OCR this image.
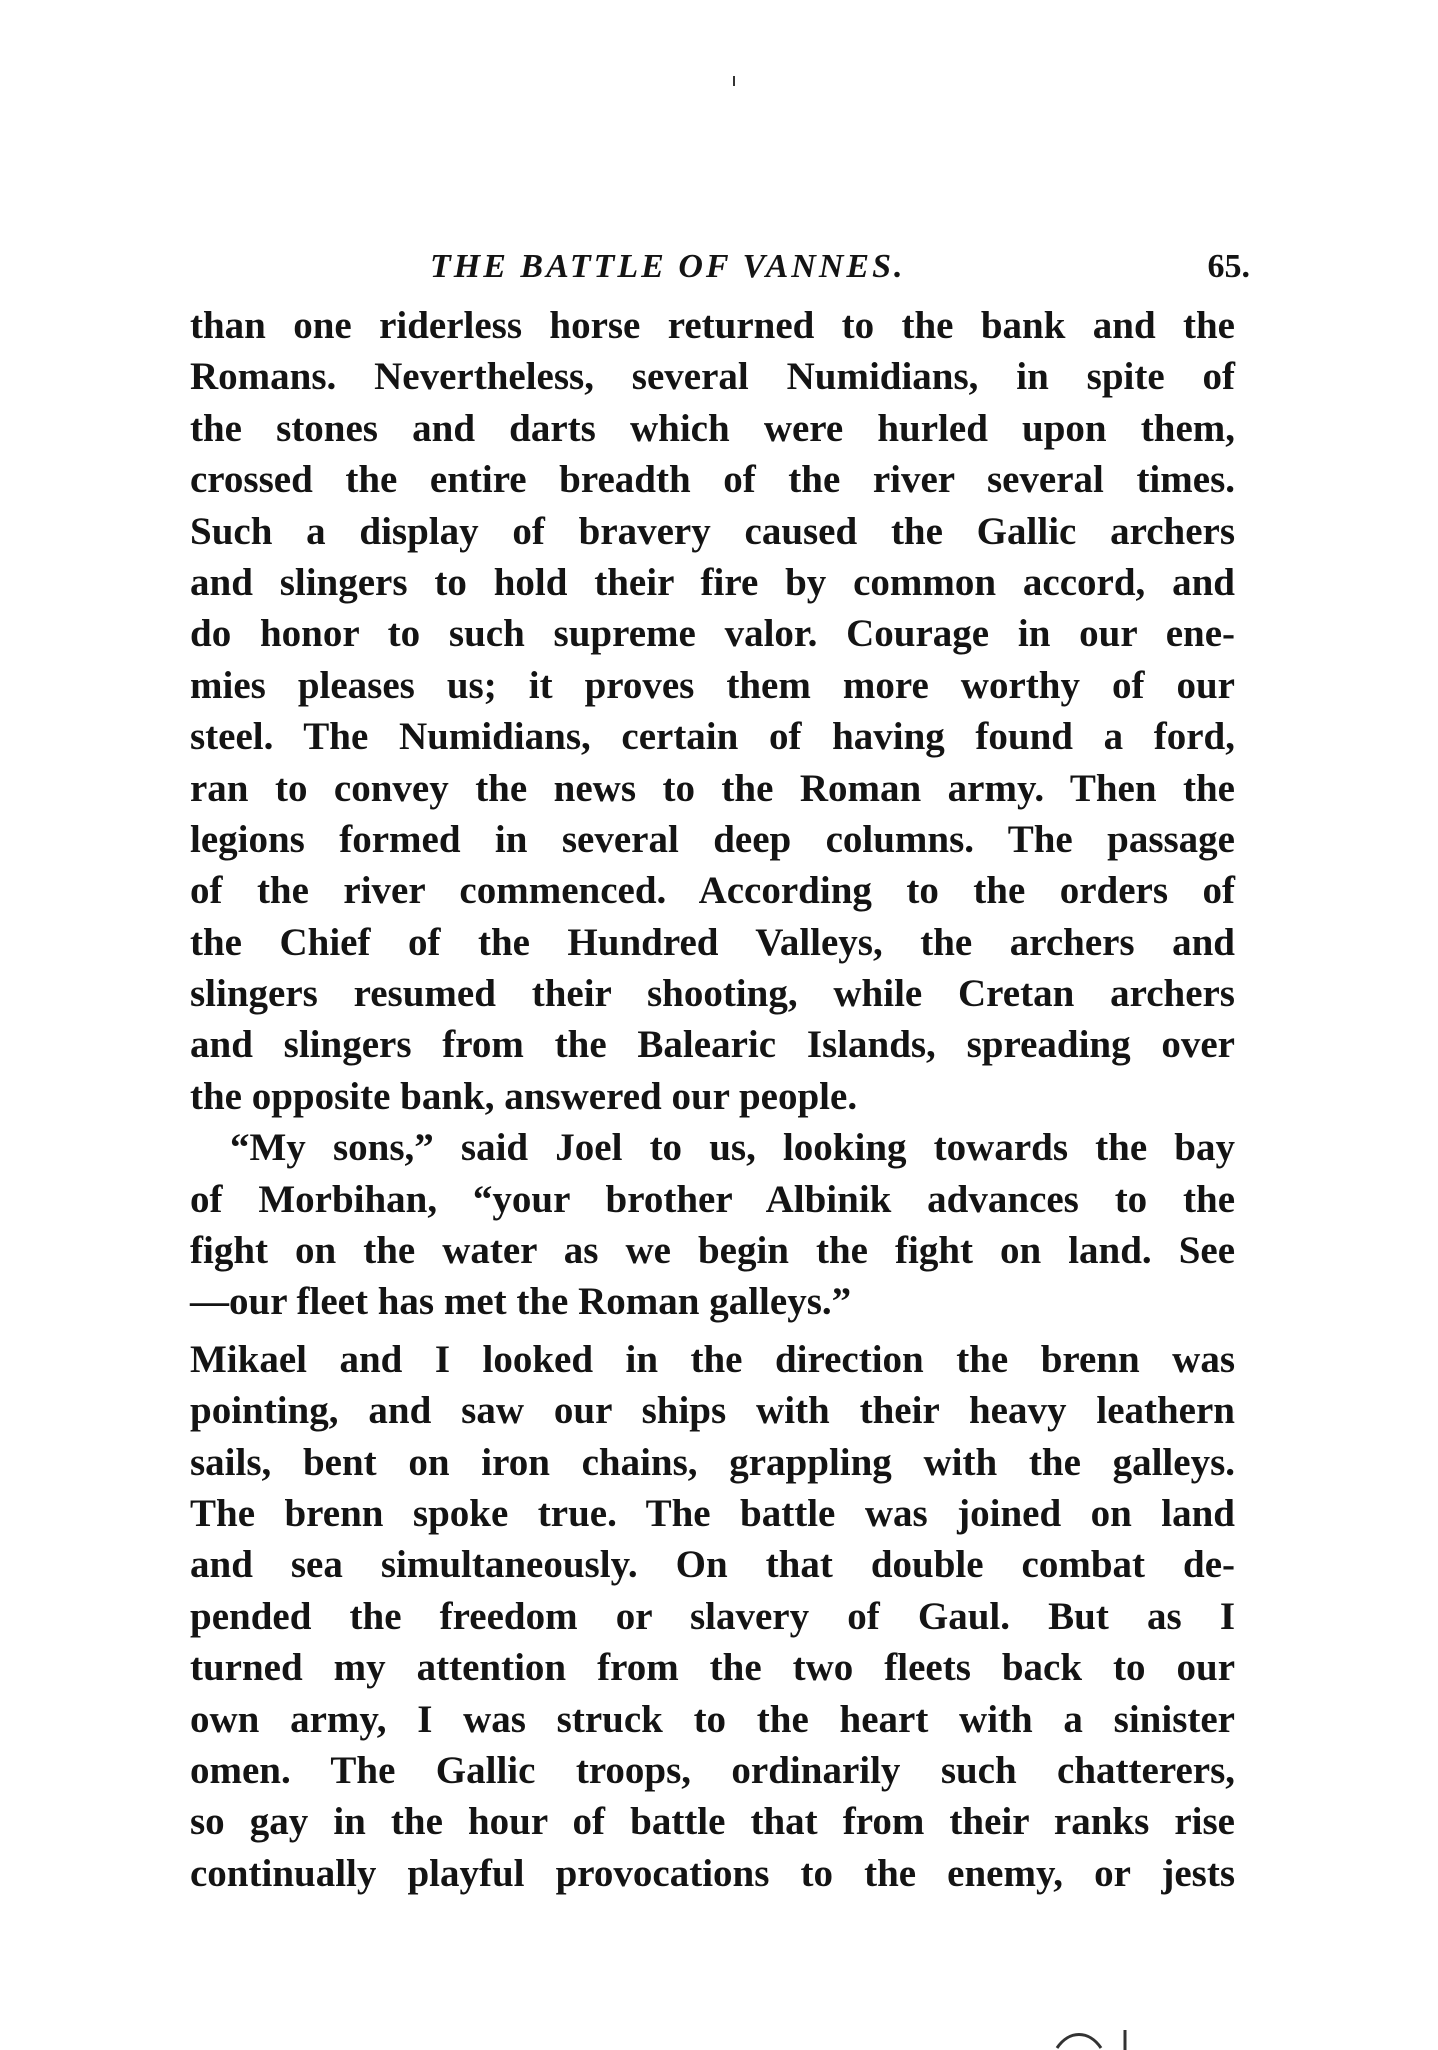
THE BATTLE OF VANNES.	65.
than one riderless horse returned to the bank and the
Romans. Nevertheless, several Numidians, in spite of
the stones and darts which were hurled upon them,
crossed the entire breadth of the river several times.
Such a display of bravery caused the Gallic archers
and slingers to hold their fire by common accord, and
do honor to such supreme valor. Courage in our ene-
mies pleases us; it proves them more worthy of our
steel. The Numidians, certain of having found a ford,
ran to convey the news to the Roman army. Then the
legions formed in several deep columns. The passage
of the river commenced. According to the orders of
the Chief of the Hundred Valleys, the archers and
slingers resumed their shooting, while Cretan archers
and slingers from the Balearic Islands, spreading over
the opposite bank, answered our people.
“My sons,” said Joel to us, looking towards the bay
of Morbihan, “your brother Albinik advances to the
fight on the water as we begin the fight on land. See
—our fleet has met the Roman galleys.”
Mikael and I looked in the direction the brenn was
pointing, and saw our ships with their heavy leathern
sails, bent on iron chains, grappling with the galleys.
The brenn spoke true. The battle was joined on land
and sea simultaneously. On that double combat de-
pended the freedom or slavery of Gaul. But as I
turned my attention from the two fleets back to our
own army, I was struck to the heart with a sinister
omen. The Gallic troops, ordinarily such chatterers,
so gay in the hour of battle that from their ranks rise
continually playful provocations to the enemy, or jests
